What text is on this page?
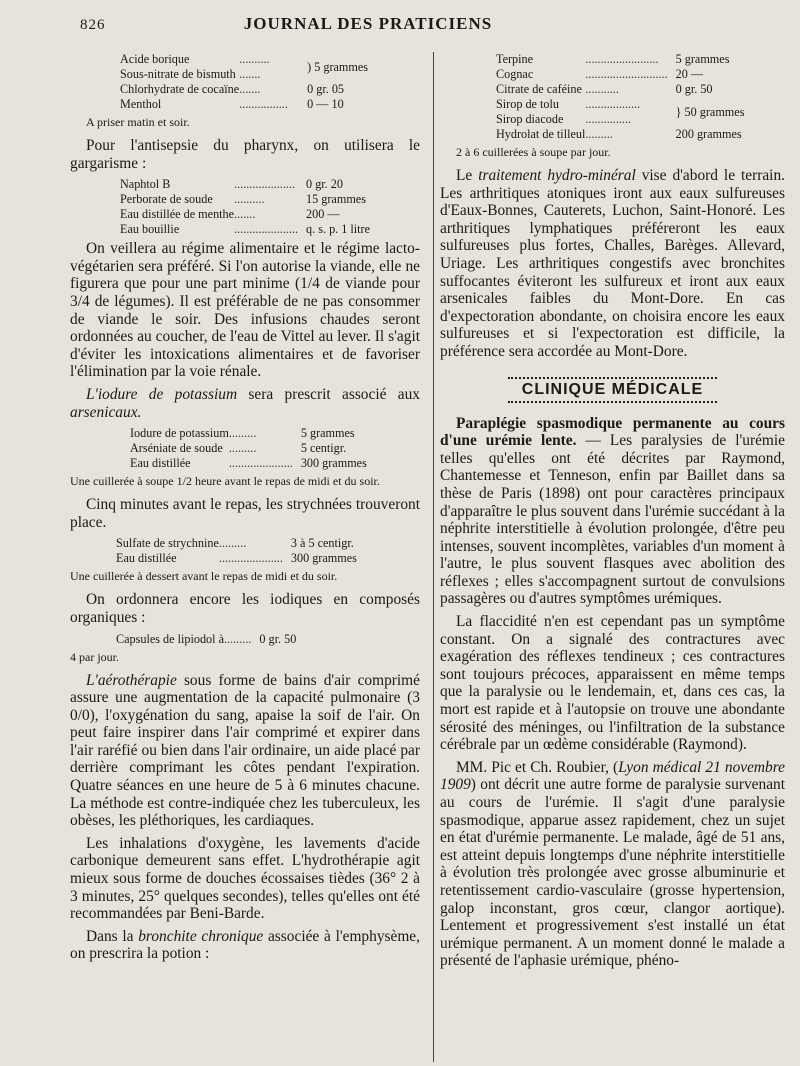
826	JOURNAL DES PRATICIENS
Acide borique	..........	) 5 grammes
Sous-nitrate de bismuth	.......	
Chlorhydrate de cocaïne	.......	0 gr. 05
Menthol	................	0 — 10
A priser matin et soir.

Pour l'antisepsie du pharynx, on utilisera le gargarisme :

Naphtol B	....................	0 gr. 20
Perborate de soude	..........	15 grammes
Eau distillée de menthe	.......	200 —
Eau bouillie	.....................	q. s. p. 1 litre

On veillera au régime alimentaire et le régime lacto-végétarien sera préféré. Si l'on autorise la viande, elle ne figurera que pour une part minime (1/4 de viande pour 3/4 de légumes). Il est préférable de ne pas consommer de viande le soir. Des infusions chaudes seront ordonnées au coucher, de l'eau de Vittel au lever. Il s'agit d'éviter les intoxications alimentaires et de favoriser l'élimination par la voie rénale.

L'iodure de potassium sera prescrit associé aux arsenicaux.

Iodure de potassium	.........	5 grammes
Arséniate de soude	.........	5 centigr.
Eau distillée	.....................	300 grammes
Une cuillerée à soupe 1/2 heure avant le repas de midi et du soir.

Cinq minutes avant le repas, les strychnées trouveront place.

Sulfate de strychnine	.........	3 à 5 centigr.
Eau distillée	.....................	300 grammes
Une cuillerée à dessert avant le repas de midi et du soir.

On ordonnera encore les iodiques en composés organiques :

Capsules de lipiodol à	.........	0 gr. 50
4 par jour.

L'aérothérapie sous forme de bains d'air comprimé assure une augmentation de la capacité pulmonaire (3 0/0), l'oxygénation du sang, apaise la soif de l'air. On peut faire inspirer dans l'air comprimé et expirer dans l'air raréfié ou bien dans l'air ordinaire, un aide placé par derrière comprimant les côtes pendant l'expiration. Quatre séances en une heure de 5 à 6 minutes chacune. La méthode est contre-indiquée chez les tuberculeux, les obèses, les pléthoriques, les cardiaques.

Les inhalations d'oxygène, les lavements d'acide carbonique demeurent sans effet. L'hydrothérapie agit mieux sous forme de douches écossaises tièdes (36° 2 à 3 minutes, 25° quelques secondes), telles qu'elles ont été recommandées par Beni-Barde.

Dans la bronchite chronique associée à l'emphysème, on prescrira la potion :

Terpine	........................	5 grammes
Cognac	...........................	20 —
Citrate de caféine	...........	0 gr. 50
Sirop de tolu	..................	} 50 grammes
Sirop diacode	...............	
Hydrolat de tilleul	.........	200 grammes
2 à 6 cuillerées à soupe par jour.

Le traitement hydro-minéral vise d'abord le terrain. Les arthritiques atoniques iront aux eaux sulfureuses d'Eaux-Bonnes, Cauterets, Luchon, Saint-Honoré. Les arthritiques lymphatiques préféreront les eaux sulfureuses plus fortes, Challes, Barèges. Allevard, Uriage. Les arthritiques congestifs avec bronchites suffocantes éviteront les sulfureux et iront aux eaux arsenicales faibles du Mont-Dore. En cas d'expectoration abondante, on choisira encore les eaux sulfureuses et si l'expectoration est difficile, la préférence sera accordée au Mont-Dore.

CLINIQUE MÉDICALE

Paraplégie spasmodique permanente au cours d'une urémie lente. — Les paralysies de l'urémie telles qu'elles ont été décrites par Raymond, Chantemesse et Tenneson, enfin par Baillet dans sa thèse de Paris (1898) ont pour caractères principaux d'apparaître le plus souvent dans l'urémie succédant à la néphrite interstitielle à évolution prolongée, d'être peu intenses, souvent incomplètes, variables d'un moment à l'autre, le plus souvent flasques avec abolition des réflexes ; elles s'accompagnent surtout de convulsions passagères ou d'autres symptômes urémiques.

La flaccidité n'en est cependant pas un symptôme constant. On a signalé des contractures avec exagération des réflexes tendineux ; ces contractures sont toujours précoces, apparaissent en même temps que la paralysie ou le lendemain, et, dans ces cas, la mort est rapide et à l'autopsie on trouve une abondante sérosité des méninges, ou l'infiltration de la substance cérébrale par un œdème considérable (Raymond).

MM. Pic et Ch. Roubier, (Lyon médical 21 novembre 1909) ont décrit une autre forme de paralysie survenant au cours de l'urémie. Il s'agit d'une paralysie spasmodique, apparue assez rapidement, chez un sujet en état d'urémie permanente. Le malade, âgé de 51 ans, est atteint depuis longtemps d'une néphrite interstitielle à évolution très prolongée avec grosse albuminurie et retentissement cardio-vasculaire (grosse hypertension, galop inconstant, gros cœur, clangor aortique). Lentement et progressivement s'est installé un état urémique permanent. A un moment donné le malade a présenté de l'aphasie urémique, phéno-
